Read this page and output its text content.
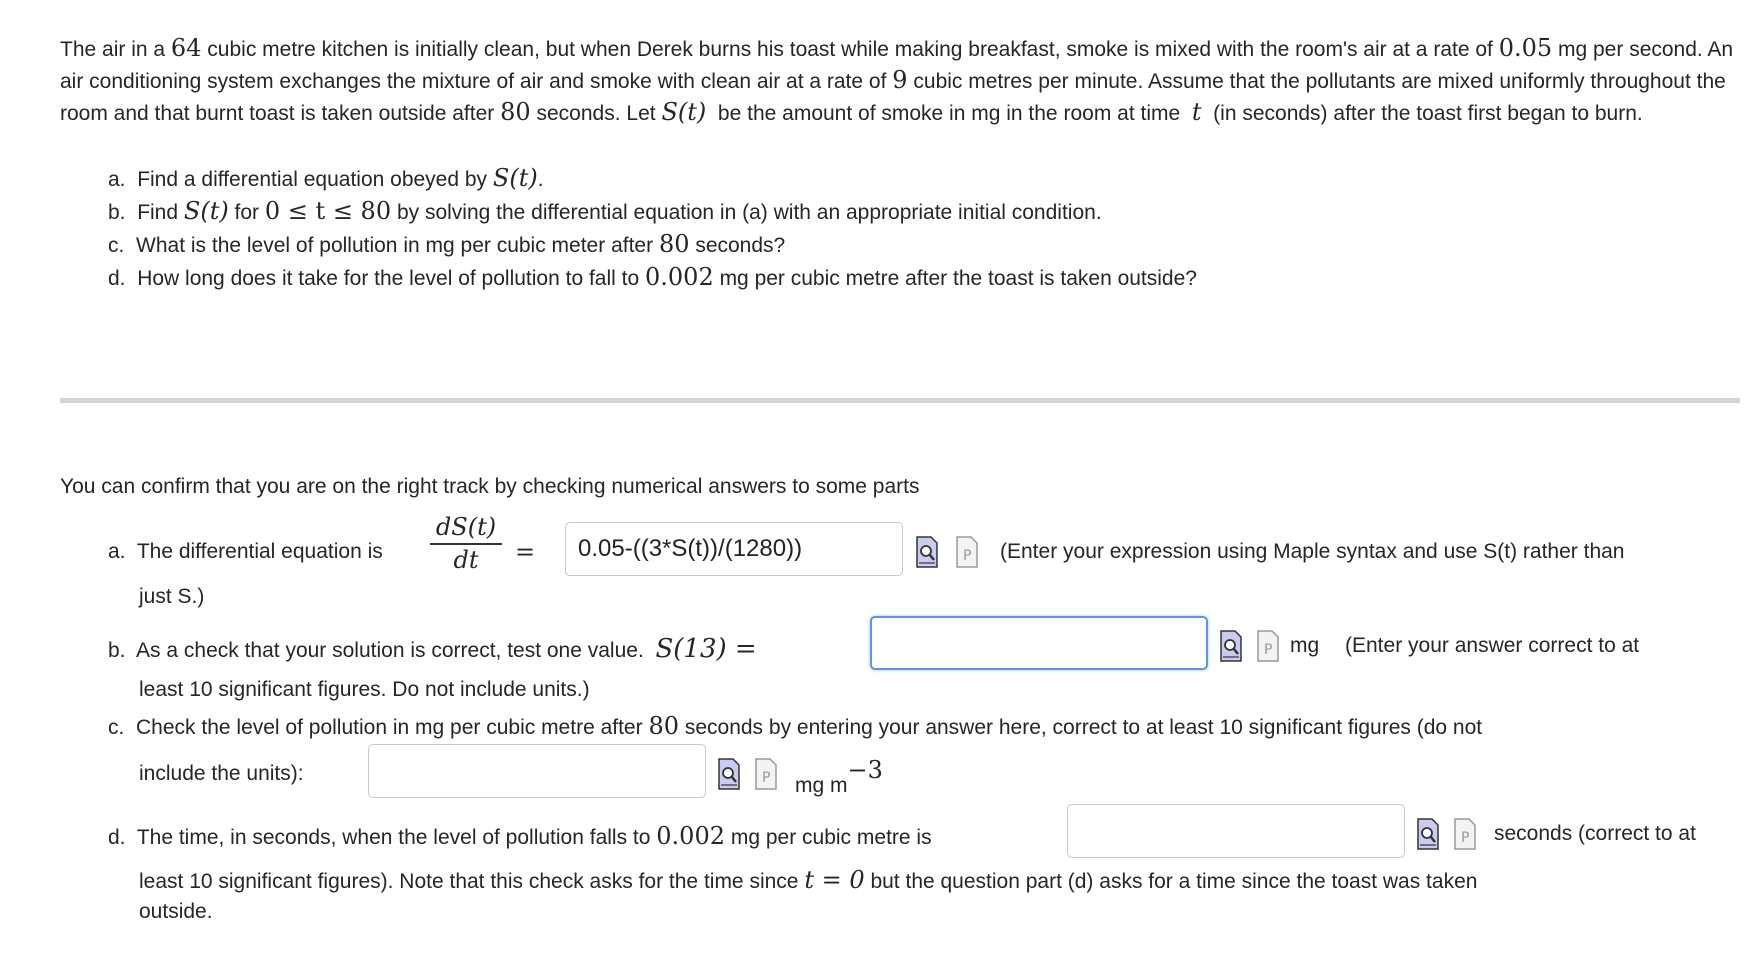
The air in a 64 cubic metre kitchen is initially clean, but when Derek burns his toast while making breakfast, smoke is mixed with the room's air at a rate of 0.05 mg per second. An air conditioning system exchanges the mixture of air and smoke with clean air at a rate of 9 cubic metres per minute. Assume that the pollutants are mixed uniformly throughout the room and that burnt toast is taken outside after 80 seconds. Let S(t) be the amount of smoke in mg in the room at time t (in seconds) after the toast first began to burn.
a. Find a differential equation obeyed by S(t).
b. Find S(t) for 0 ≤ t ≤ 80 by solving the differential equation in (a) with an appropriate initial condition.
c. What is the level of pollution in mg per cubic meter after 80 seconds?
d. How long does it take for the level of pollution to fall to 0.002 mg per cubic metre after the toast is taken outside?
You can confirm that you are on the right track by checking numerical answers to some parts
a. The differential equation is
dS(t)
dt	=
0.05-((3*S(t))/(1280))	P (Enter your expression using Maple syntax and use S(t) rather than
just S.)
b. As a check that your solution is correct, test one value. S(13) =	P mg (Enter your answer correct to at
least 10 significant figures. Do not include units.)
c. Check the level of pollution in mg per cubic metre after 80 seconds by entering your answer here, correct to at least 10 significant figures (do not
include the units):	P mg $m^{-3}$
d. The time, in seconds, when the level of pollution falls to 0.002 mg per cubic metre is	P seconds (correct to at
least 10 significant figures). Note that this check asks for the time since t = 0 but the question part (d) asks for a time since the toast was taken
outside.
